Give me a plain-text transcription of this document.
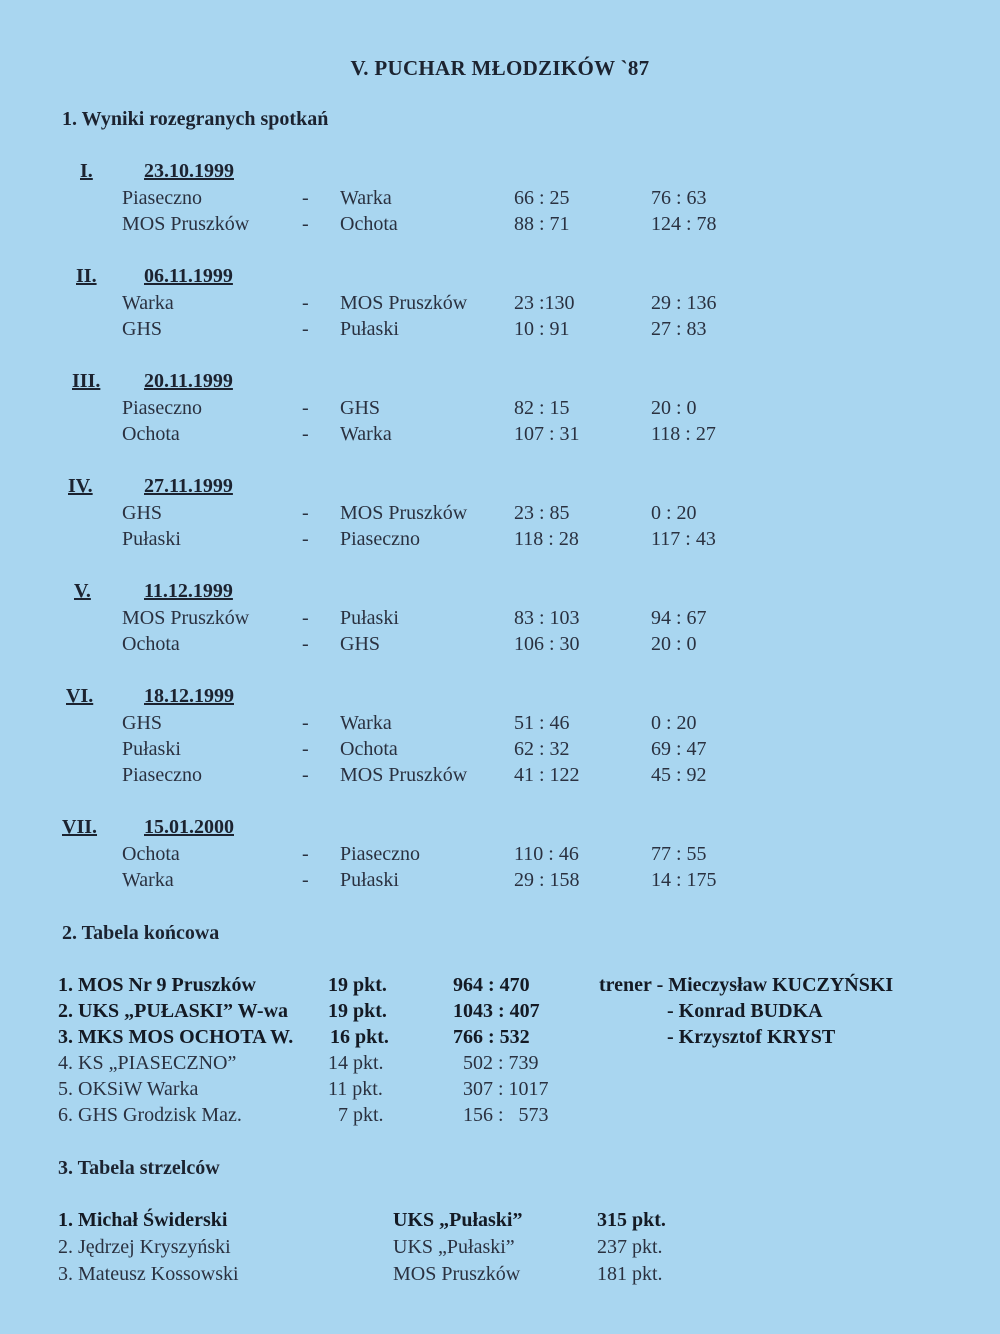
V. PUCHAR MŁODZIKÓW `87
1. Wyniki rozegranych spotkań
I.	23.10.1999
Piaseczno	- Warka	66 : 25	76 : 63
MOS Pruszków	- Ochota	88 : 71	124 : 78
II. 06.11.1999
Warka	- MOS Pruszków 23 :130	29 : 136
GHS	- Pułaski	10 : 91	27 : 83
III. 20.11.1999
Piaseczno	- GHS	82 : 15	20 : 0
Ochota	- Warka	107 : 31	118 : 27
IV.	27.11.1999
GHS	- MOS Pruszków 23 : 85	0 : 20
Pułaski	- Piaseczno	118 : 28	117 : 43
V.	11.12.1999
MOS Pruszków	- Pułaski	83 : 103	94 : 67
Ochota	- GHS	106 : 30	20 : 0
VI.	18.12.1999
GHS	- Warka	51 : 46	0 : 20
Pułaski	- Ochota	62 : 32	69 : 47
Piaseczno	- MOS Pruszków 41 : 122	45 : 92
VII. 15.01.2000
Ochota	- Piaseczno	110 : 46	77 : 55
Warka	- Pułaski	29 : 158	14 : 175
2. Tabela końcowa
1. MOS Nr 9 Pruszków	19 pkt.	964 : 470	trener - Mieczysław KUCZYŃSKI
2. UKS „PUŁASKI” W-wa 19 pkt.	1043 : 407	- Konrad BUDKA
3. MKS MOS OCHOTA W. 16 pkt.	766 : 532	- Krzysztof KRYST
4. KS „PIASECZNO”	14 pkt.	502 : 739
5. OKSiW Warka	11 pkt.	307 : 1017
6. GHS Grodzisk Maz.	7 pkt.	156 :   573
3. Tabela strzelców
1. Michał Świderski	UKS „Pułaski”	315 pkt.
2. Jędrzej Kryszyński	UKS „Pułaski”	237 pkt.
3. Mateusz Kossowski	MOS Pruszków	181 pkt.
